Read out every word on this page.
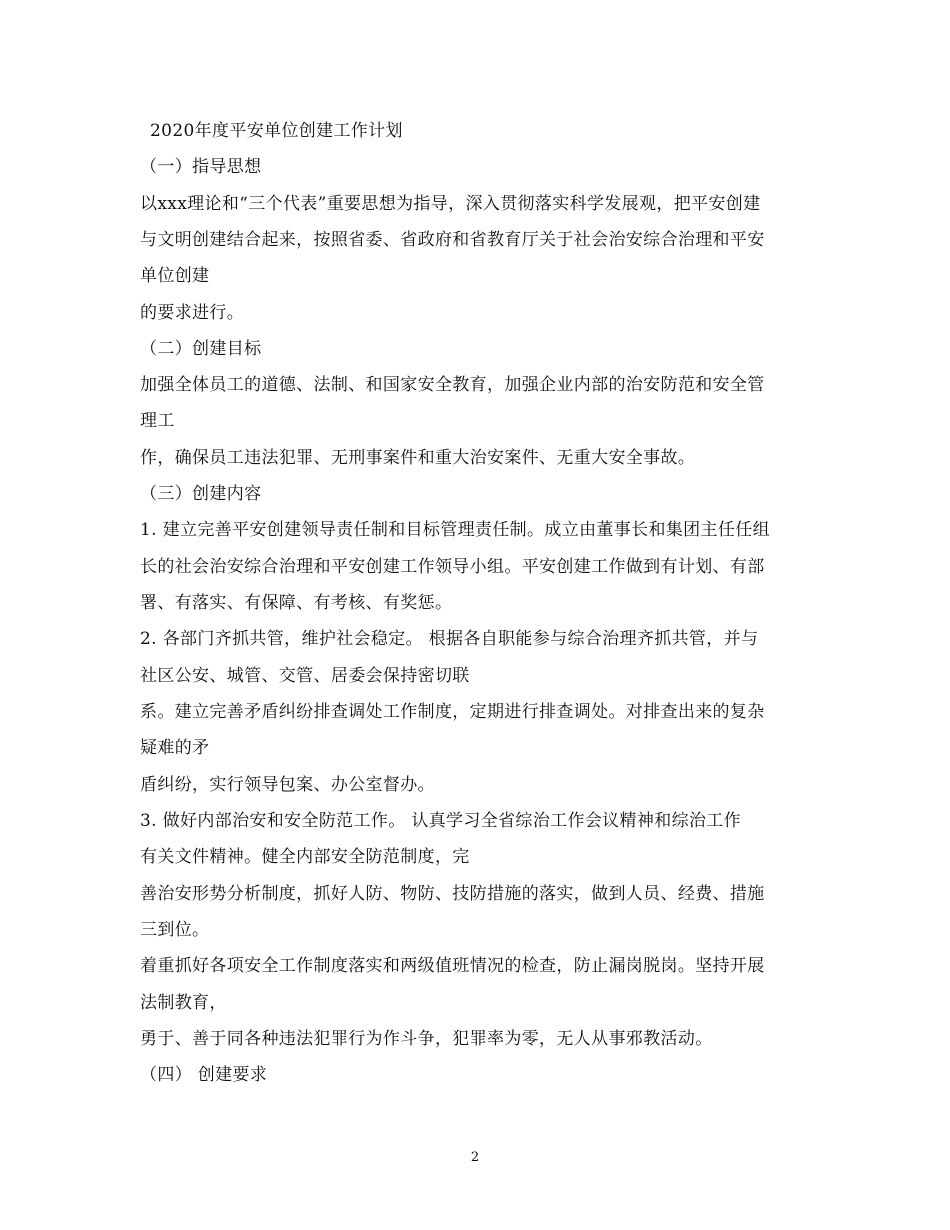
2020年度平安单位创建工作计划
（一）指导思想
以xxx理论和“三个代表”重要思想为指导，深入贯彻落实科学发展观，把平安创建
与文明创建结合起来，按照省委、省政府和省教育厅关于社会治安综合治理和平安
单位创建
的要求进行。
（二）创建目标
加强全体员工的道德、法制、和国家安全教育，加强企业内部的治安防范和安全管
理工
作，确保员工违法犯罪、无刑事案件和重大治安案件、无重大安全事故。
（三）创建内容
1. 建立完善平安创建领导责任制和目标管理责任制。成立由董事长和集团主任任组
长的社会治安综合治理和平安创建工作领导小组。平安创建工作做到有计划、有部
署、有落实、有保障、有考核、有奖惩。
2. 各部门齐抓共管，维护社会稳定。 根据各自职能参与综合治理齐抓共管，并与
社区公安、城管、交管、居委会保持密切联
系。建立完善矛盾纠纷排查调处工作制度，定期进行排查调处。对排查出来的复杂
疑难的矛
盾纠纷，实行领导包案、办公室督办。
3. 做好内部治安和安全防范工作。 认真学习全省综治工作会议精神和综治工作
有关文件精神。健全内部安全防范制度，完
善治安形势分析制度，抓好人防、物防、技防措施的落实，做到人员、经费、措施
三到位。
着重抓好各项安全工作制度落实和两级值班情况的检查，防止漏岗脱岗。坚持开展
法制教育，
勇于、善于同各种违法犯罪行为作斗争，犯罪率为零，无人从事邪教活动。
（四） 创建要求
2
